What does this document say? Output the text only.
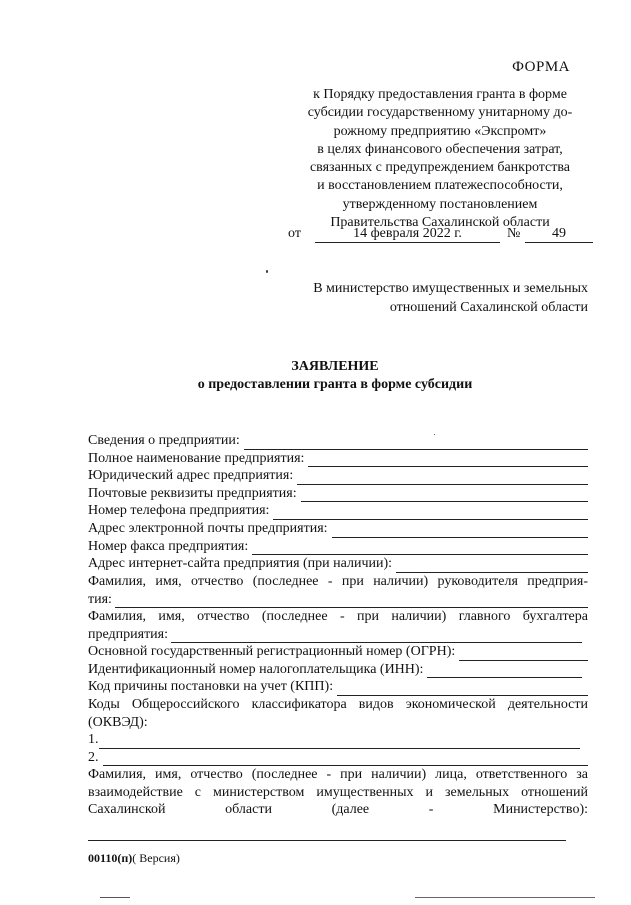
ФОРМА
к Порядку предоставления гранта в форме
субсидии государственному унитарному до-
рожному предприятию «Экспромт»
в целях финансового обеспечения затрат,
связанных с предупреждением банкротства
и восстановлением платежеспособности,
утвержденному постановлением
Правительства Сахалинской области
от	14 февраля 2022 г.	№	49
В министерство имущественных и земельных
отношений Сахалинской области
ЗАЯВЛЕНИЕ
о предоставлении гранта в форме субсидии
Сведения о предприятии:
Полное наименование предприятия:
Юридический адрес предприятия:
Почтовые реквизиты предприятия:
Номер телефона предприятия:
Адрес электронной почты предприятия:
Номер факса предприятия:
Адрес интернет-сайта предприятия (при наличии):
Фамилия, имя, отчество (последнее - при наличии) руководителя предприя-
тия:
Фамилия, имя, отчество (последнее - при наличии) главного бухгалтера
предприятия:
Основной государственный регистрационный номер (ОГРН):
Идентификационный номер налогоплательщика (ИНН):
Код причины постановки на учет (КПП):
Коды Общероссийского классификатора видов экономической деятельности
(ОКВЭД):
1.
2.
Фамилия, имя, отчество (последнее - при наличии) лица, ответственного за
взаимодействие с министерством имущественных и земельных отношений
Сахалинской области (далее - Министерство):
00110(п)( Версия)
